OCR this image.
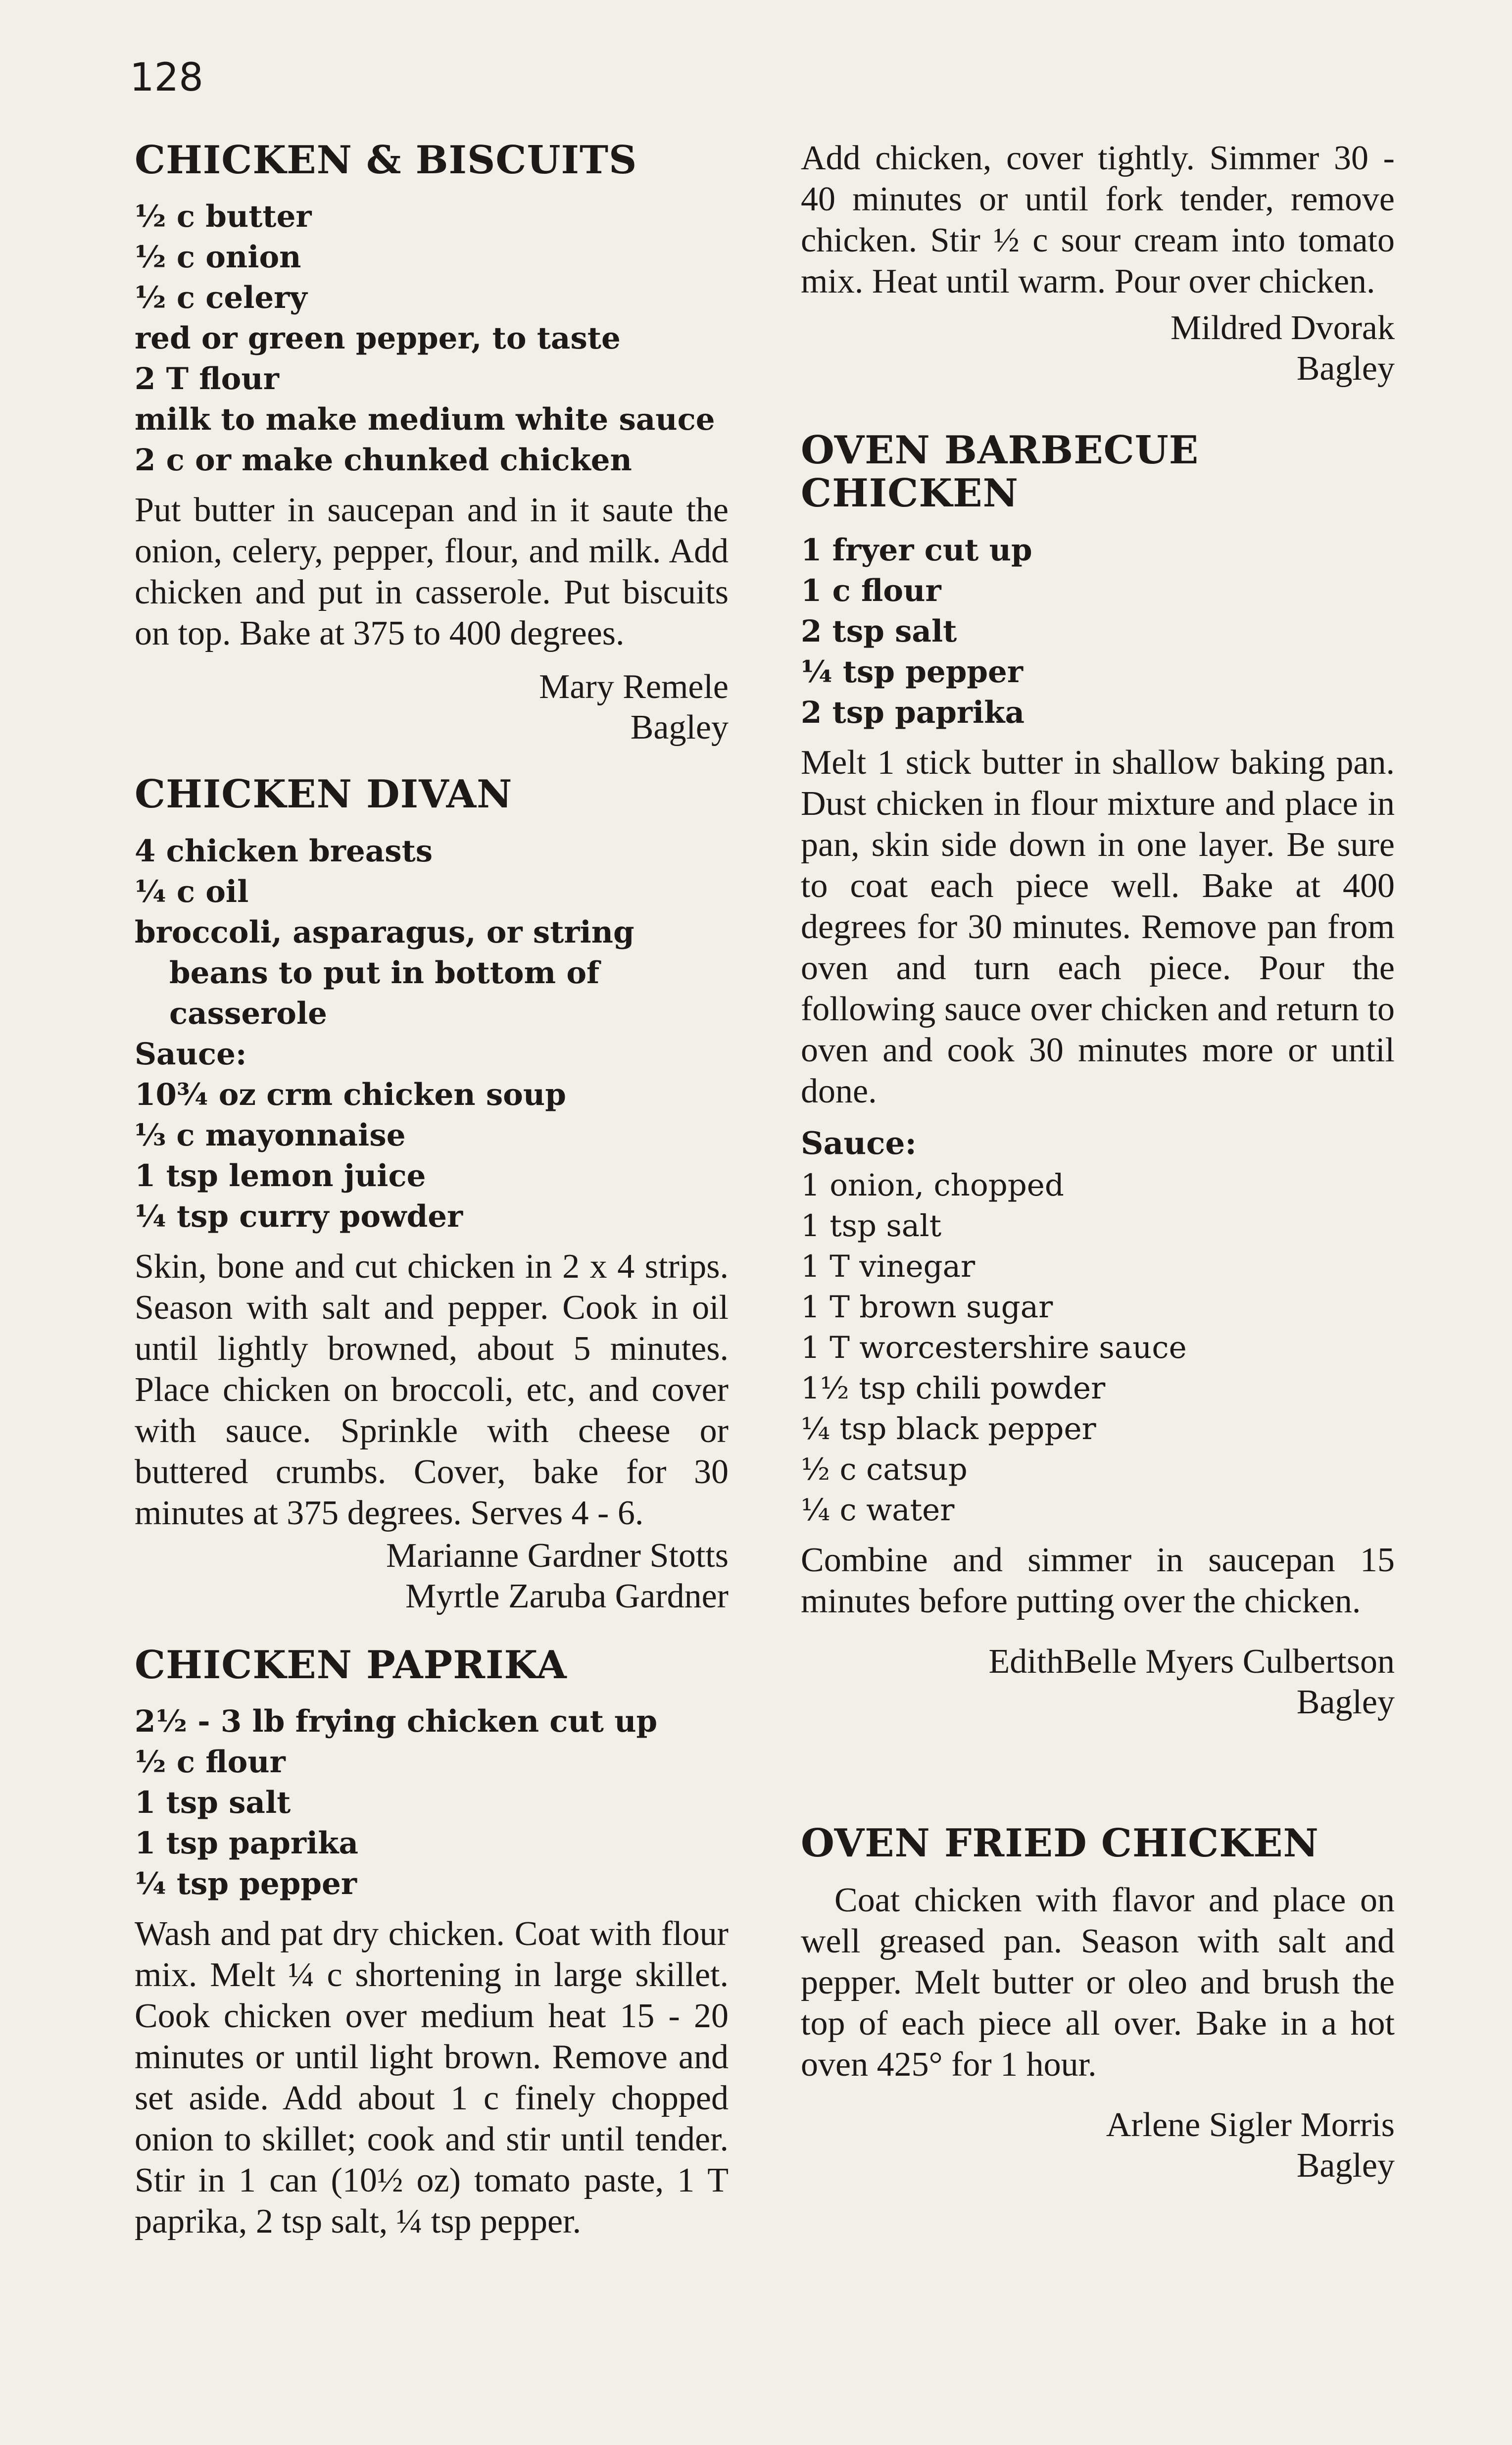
128
CHICKEN & BISCUITS
½ c butter
½ c onion
½ c celery
red or green pepper, to taste
2 T flour
milk to make medium white sauce
2 c or make chunked chicken

Put butter in saucepan and in it saute the onion, celery, pepper, flour, and milk. Add chicken and put in casserole. Put biscuits on top. Bake at 375 to 400 degrees.

Mary Remele
Bagley
CHICKEN DIVAN
4 chicken breasts
¼ c oil
broccoli, asparagus, or string beans to put in bottom of casserole
Sauce:
10¾ oz crm chicken soup
⅓ c mayonnaise
1 tsp lemon juice
¼ tsp curry powder

Skin, bone and cut chicken in 2 x 4 strips. Season with salt and pepper. Cook in oil until lightly browned, about 5 minutes. Place chicken on broccoli, etc, and cover with sauce. Sprinkle with cheese or buttered crumbs. Cover, bake for 30 minutes at 375 degrees. Serves 4 - 6.

Marianne Gardner Stotts
Myrtle Zaruba Gardner
CHICKEN PAPRIKA
2½ - 3 lb frying chicken cut up
½ c flour
1 tsp salt
1 tsp paprika
¼ tsp pepper

Wash and pat dry chicken. Coat with flour mix. Melt ¼ c shortening in large skillet. Cook chicken over medium heat 15 - 20 minutes or until light brown. Remove and set aside. Add about 1 c finely chopped onion to skillet; cook and stir until tender. Stir in 1 can (10½ oz) tomato paste, 1 T paprika, 2 tsp salt, ¼ tsp pepper.

Add chicken, cover tightly. Simmer 30 - 40 minutes or until fork tender, remove chicken. Stir ½ c sour cream into tomato mix. Heat until warm. Pour over chicken.

Mildred Dvorak
Bagley
OVEN BARBECUE CHICKEN
1 fryer cut up
1 c flour
2 tsp salt
¼ tsp pepper
2 tsp paprika

Melt 1 stick butter in shallow baking pan. Dust chicken in flour mixture and place in pan, skin side down in one layer. Be sure to coat each piece well. Bake at 400 degrees for 30 minutes. Remove pan from oven and turn each piece. Pour the following sauce over chicken and return to oven and cook 30 minutes more or until done.

Sauce:
1 onion, chopped
1 tsp salt
1 T vinegar
1 T brown sugar
1 T worcestershire sauce
1½ tsp chili powder
¼ tsp black pepper
½ c catsup
¼ c water

Combine and simmer in saucepan 15 minutes before putting over the chicken.

EdithBelle Myers Culbertson
Bagley
OVEN FRIED CHICKEN

Coat chicken with flavor and place on well greased pan. Season with salt and pepper. Melt butter or oleo and brush the top of each piece all over. Bake in a hot oven 425° for 1 hour.

Arlene Sigler Morris
Bagley
